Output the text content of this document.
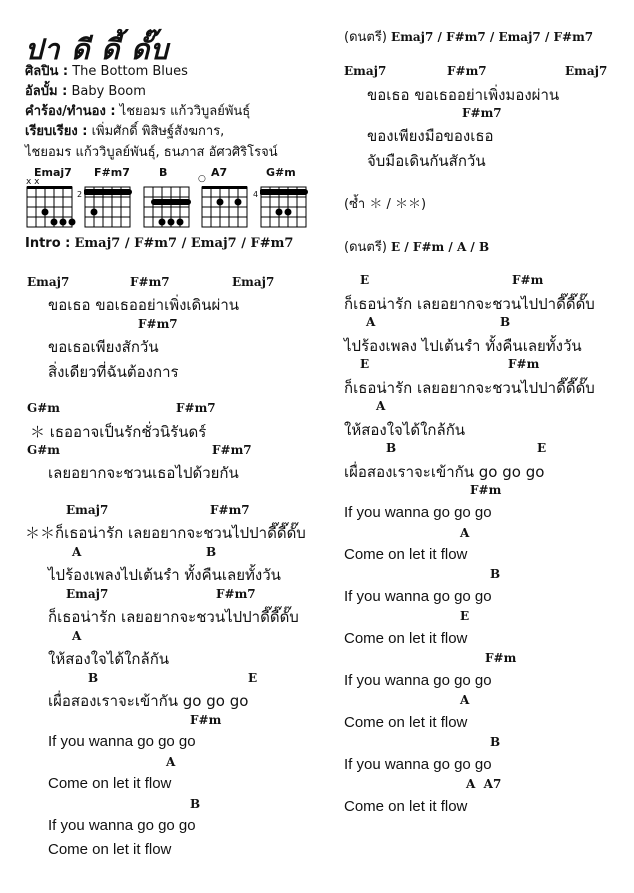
ปา ดี ดี้ ดั๊บ
ศิลปิน : The Bottom Blues
อัลบั้ม : Baby Boom
คำร้อง/ทำนอง : ไชยอมร แก้ววิบูลย์พันธุ์
เรียบเรียง : เพิ่มศักดิ์ พิสิษฐ์สังฆการ,
ไชยอมร แก้ววิบูลย์พันธุ์, ธนภาส อัศวศิริโรจน์
Emaj7
x x
F#m7
2
B	○ A7	G#m
4
Intro : Emaj7 / F#m7 / Emaj7 / F#m7
Emaj7	F#m7	Emaj7
ขอเธอ ขอเธออย่าเพิ่งเดินผ่าน
F#m7
ขอเธอเพียงสักวัน
สิ่งเดียวที่ฉันต้องการ
G#m	F#m7
＊ เธออาจเป็นรักชั่วนิรันดร์
G#m	F#m7
เลยอยากจะชวนเธอไปด้วยกัน
Emaj7	F#m7
＊＊ก็เธอน่ารัก เลยอยากจะชวนไปปาดี๊ดี๊ดั๊บ
A	B
ไปร้องเพลงไปเต้นรำ ทั้งคืนเลยทั้งวัน
Emaj7	F#m7
ก็เธอน่ารัก เลยอยากจะชวนไปปาดี๊ดี๊ดั๊บ
A
ให้สองใจได้ใกล้กัน
B	E
เผื่อสองเราจะเข้ากัน go go go
F#m
If you wanna go go go
A
Come on let it flow
B
If you wanna go go go
Come on let it flow
(ดนตรี) Emaj7 / F#m7 / Emaj7 / F#m7
Emaj7	F#m7	Emaj7
ขอเธอ ขอเธออย่าเพิ่งมองผ่าน
F#m7
ของเพียงมือของเธอ
จับมือเดินกันสักวัน
(ซ้ำ ＊ / ＊＊)
(ดนตรี) E / F#m / A / B
E	F#m
ก็เธอน่ารัก เลยอยากจะชวนไปปาดี๊ดี๊ดั๊บ
A	B
ไปร้องเพลง ไปเต้นรำ ทั้งคืนเลยทั้งวัน
E	F#m
ก็เธอน่ารัก เลยอยากจะชวนไปปาดี๊ดี๊ดั๊บ
A
ให้สองใจได้ใกล้กัน
B	E
เผื่อสองเราจะเข้ากัน go go go
F#m
If you wanna go go go
A
Come on let it flow
B
If you wanna go go go
E
Come on let it flow
F#m
If you wanna go go go
A
Come on let it flow
B
If you wanna go go go
A  A7
Come on let it flow
